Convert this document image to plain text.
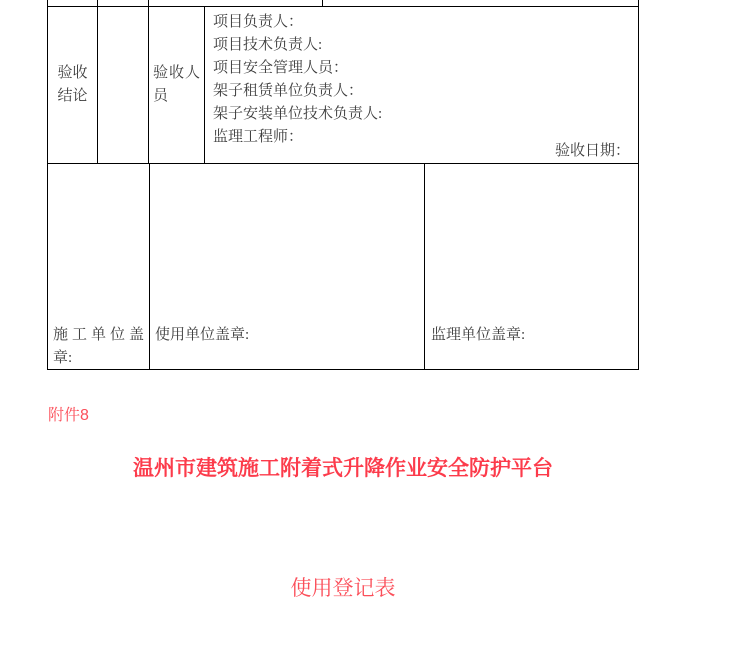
验收结论
验收人员
项目负责人：
项目技术负责人:
项目安全管理人员：
架子租赁单位负责人：
架子安装单位技术负责人:
监理工程师：
验收日期：
施工单位盖章:
使用单位盖章:	监理单位盖章:
附件8
温州市建筑施工附着式升降作业安全防护平台
使用登记表
